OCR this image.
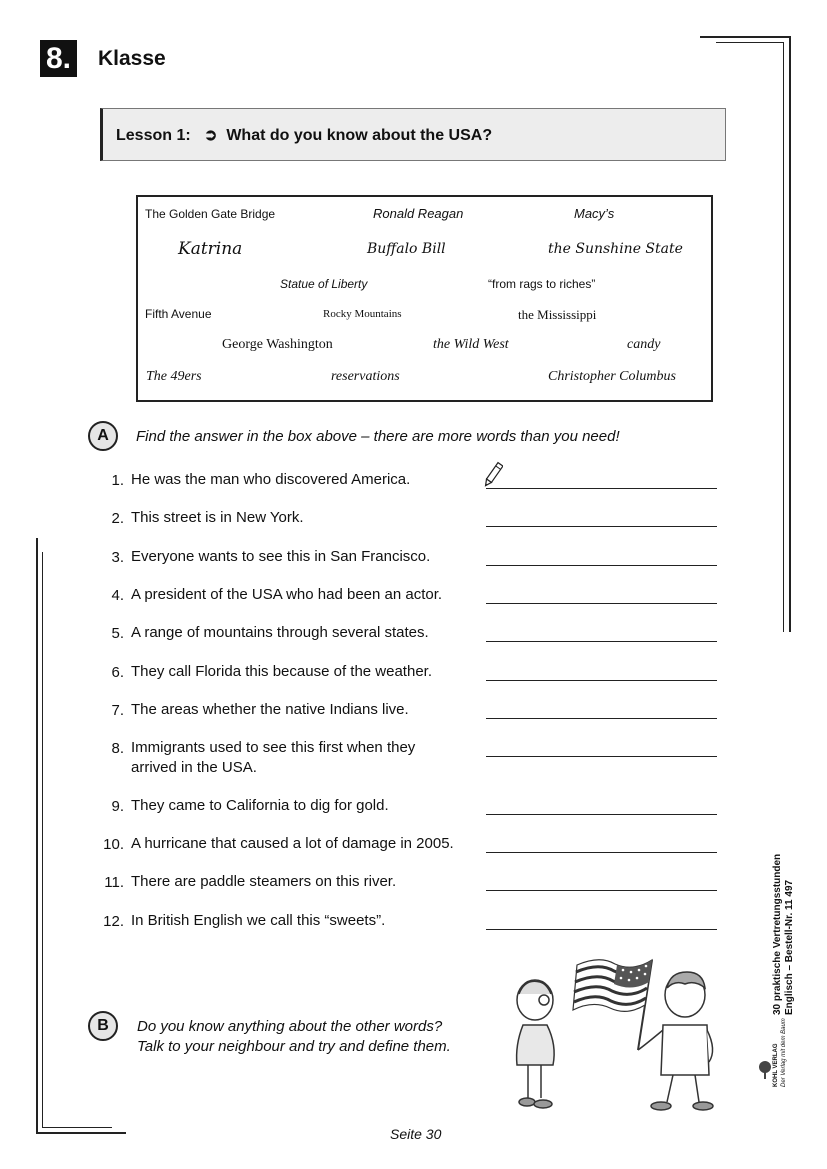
8. Klasse
Lesson 1: ➲ What do you know about the USA?
The Golden Gate Bridge	Ronald Reagan	Macy’s
Katrina	Buffalo Bill	the Sunshine State
Statue of Liberty	“from rags to riches”
Fifth Avenue	Rocky Mountains	the Mississippi
George Washington	the Wild West	candy
The 49ers	reservations	Christopher Columbus
A	Find the answer in the box above – there are more words than you need!
1. He was the man who discovered America.
2. This street is in New York.
3. Everyone wants to see this in San Francisco.
4. A president of the USA who had been an actor.
5. A range of mountains through several states.
6. They call Florida this because of the weather.
7. The areas whether the native Indians live.
8. Immigrants used to see this first when they arrived in the USA.
9. They came to California to dig for gold.
10. A hurricane that caused a lot of damage in 2005.
11. There are paddle steamers on this river.
12. In British English we call this “sweets”.
B	Do you know anything about the other words?
Talk to your neighbour and try and define them.
30 praktische Vertretungsstunden Englisch – Bestell-Nr. 11 497
KOHL VERLAG Der Verlag mit dem Baum
Seite 30
